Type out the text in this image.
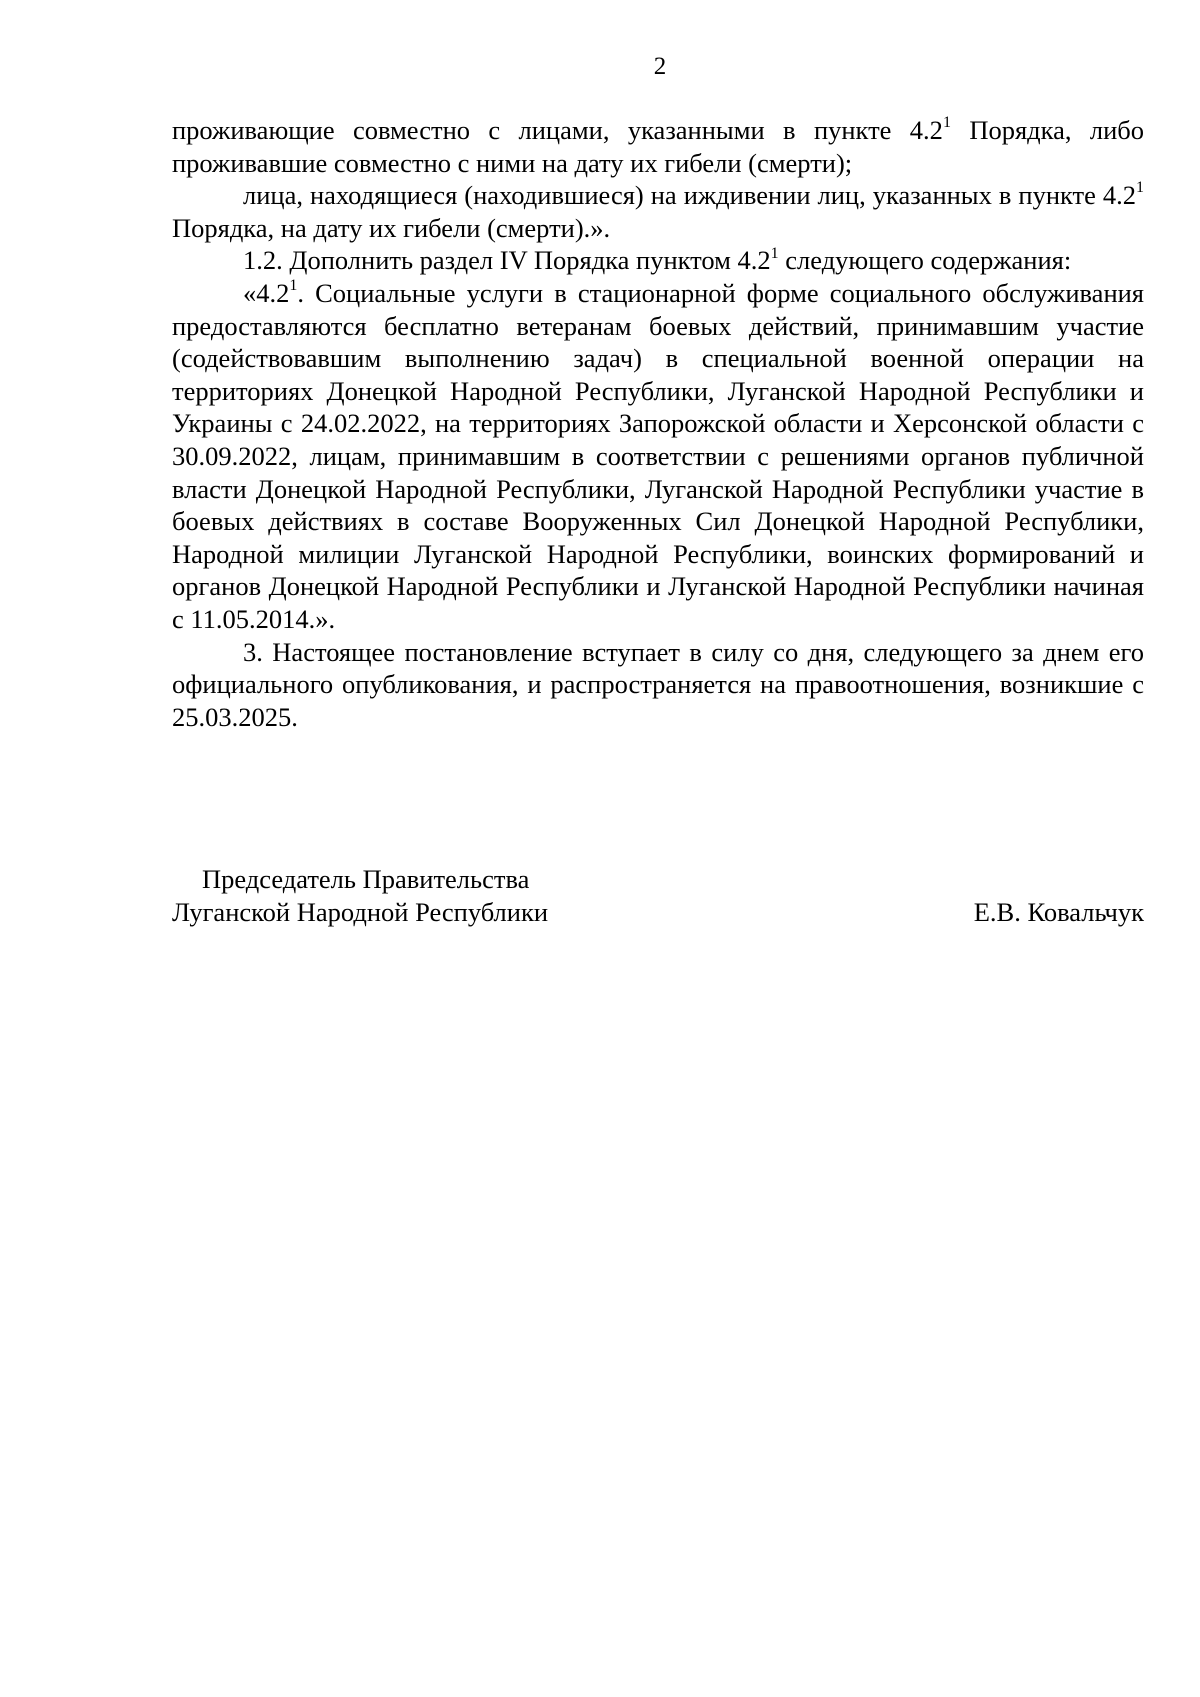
2

проживающие совместно с лицами, указанными в пункте $4.2^1$ Порядка, либо проживавшие совместно с ними на дату их гибели (смерти);

лица, находящиеся (находившиеся) на иждивении лиц, указанных в пункте $4.2^1$ Порядка, на дату их гибели (смерти).».

1.2. Дополнить раздел IV Порядка пунктом $4.2^1$ следующего содержания:

«$4.2^1$. Социальные услуги в стационарной форме социального обслуживания предоставляются бесплатно ветеранам боевых действий, принимавшим участие (содействовавшим выполнению задач) в специальной военной операции на территориях Донецкой Народной Республики, Луганской Народной Республики и Украины с 24.02.2022, на территориях Запорожской области и Херсонской области с 30.09.2022, лицам, принимавшим в соответствии с решениями органов публичной власти Донецкой Народной Республики, Луганской Народной Республики участие в боевых действиях в составе Вооруженных Сил Донецкой Народной Республики, Народной милиции Луганской Народной Республики, воинских формирований и органов Донецкой Народной Республики и Луганской Народной Республики начиная с 11.05.2014.».

3. Настоящее постановление вступает в силу со дня, следующего за днем его официального опубликования, и распространяется на правоотношения, возникшие с 25.03.2025.

Председатель Правительства
Луганской Народной Республики	Е.В. Ковальчук
